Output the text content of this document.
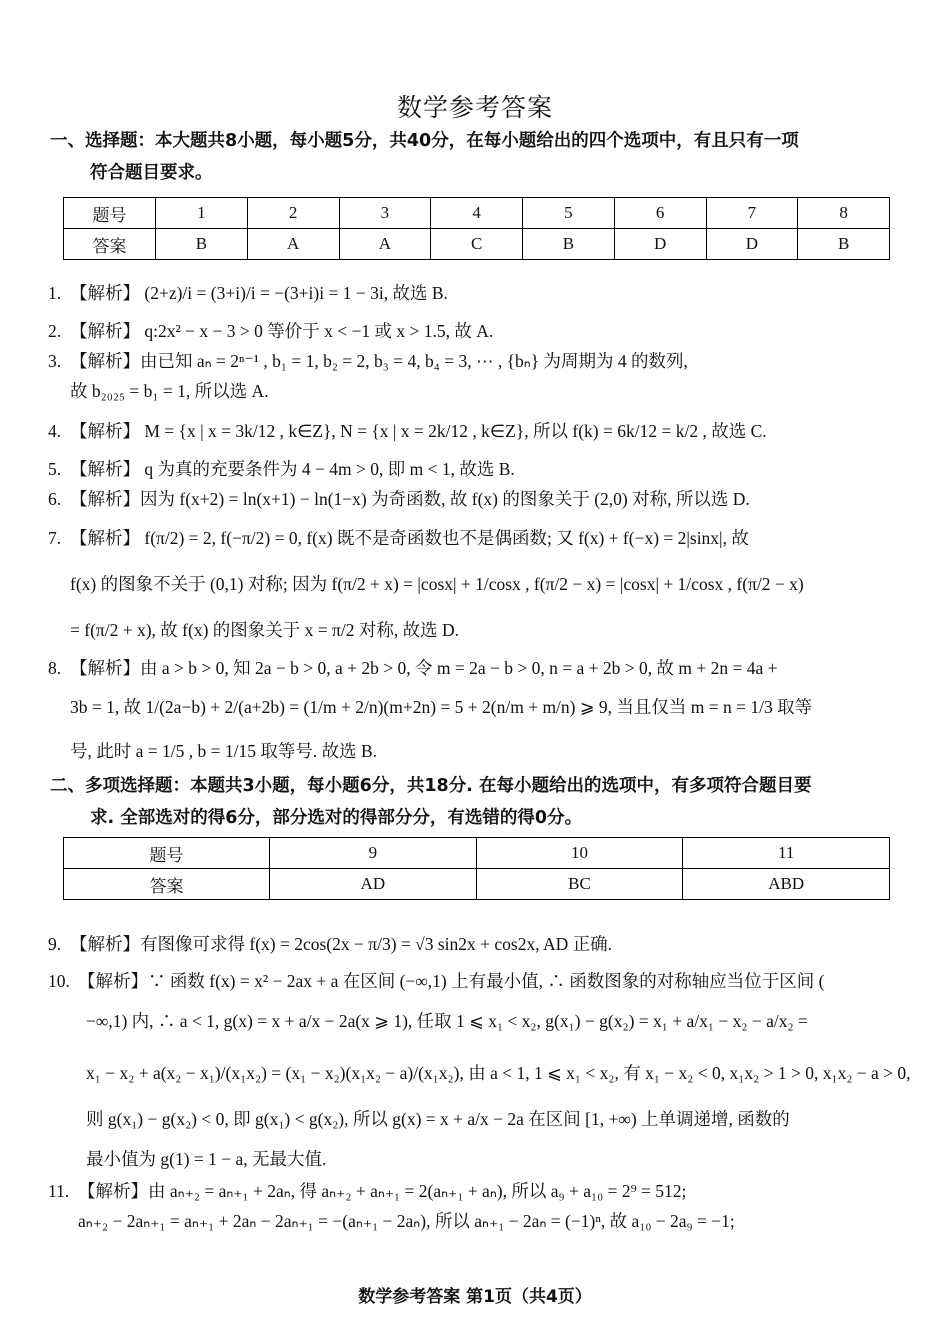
数学参考答案
一、选择题：本大题共8小题，每小题5分，共40分，在每小题给出的四个选项中，有且只有一项
符合题目要求。
题号	1	2	3	4	5	6	7	8
答案	B	A	A	C	B	D	D	B
1. 【解析】 (2+z)/i = (3+i)/i = −(3+i)i = 1 − 3i, 故选 B.
2. 【解析】 q:2x² − x − 3 > 0 等价于 x < −1 或 x > 1.5, 故 A.
3. 【解析】由已知 aₙ = 2ⁿ⁻¹ , b₁ = 1, b₂ = 2, b₃ = 4, b₄ = 3, ⋯ , {bₙ} 为周期为 4 的数列,
故 b₂₀₂₅ = b₁ = 1, 所以选 A.
4. 【解析】 M = {x | x = 3k/12 , k∈Z}, N = {x | x = 2k/12 , k∈Z}, 所以 f(k) = 6k/12 = k/2 , 故选 C.
5. 【解析】 q 为真的充要条件为 4 − 4m > 0, 即 m < 1, 故选 B.
6. 【解析】因为 f(x+2) = ln(x+1) − ln(1−x) 为奇函数, 故 f(x) 的图象关于 (2,0) 对称, 所以选 D.
7. 【解析】 f(π/2) = 2, f(−π/2) = 0, f(x) 既不是奇函数也不是偶函数; 又 f(x) + f(−x) = 2|sinx|, 故
f(x) 的图象不关于 (0,1) 对称; 因为 f(π/2 + x) = |cosx| + 1/cosx , f(π/2 − x) = |cosx| + 1/cosx , f(π/2 − x)
= f(π/2 + x), 故 f(x) 的图象关于 x = π/2 对称, 故选 D.
8. 【解析】由 a > b > 0, 知 2a − b > 0, a + 2b > 0, 令 m = 2a − b > 0, n = a + 2b > 0, 故 m + 2n = 4a +
3b = 1, 故 1/(2a−b) + 2/(a+2b) = (1/m + 2/n)(m+2n) = 5 + 2(n/m + m/n) ⩾ 9, 当且仅当 m = n = 1/3 取等
号, 此时 a = 1/5 , b = 1/15 取等号. 故选 B.
二、多项选择题：本题共3小题，每小题6分，共18分. 在每小题给出的选项中，有多项符合题目要
求. 全部选对的得6分，部分选对的得部分分，有选错的得0分。
题号	9	10	11
答案	AD	BC	ABD
9. 【解析】有图像可求得 f(x) = 2cos(2x − π/3) = √3 sin2x + cos2x, AD 正确.
10. 【解析】∵ 函数 f(x) = x² − 2ax + a 在区间 (−∞,1) 上有最小值, ∴ 函数图象的对称轴应当位于区间 (
−∞,1) 内, ∴ a < 1, g(x) = x + a/x − 2a(x ⩾ 1), 任取 1 ⩽ x₁ < x₂, g(x₁) − g(x₂) = x₁ + a/x₁ − x₂ − a/x₂ =
x₁ − x₂ + a(x₂ − x₁)/(x₁x₂) = (x₁ − x₂)(x₁x₂ − a)/(x₁x₂), 由 a < 1, 1 ⩽ x₁ < x₂, 有 x₁ − x₂ < 0, x₁x₂ > 1 > 0, x₁x₂ − a > 0,
则 g(x₁) − g(x₂) < 0, 即 g(x₁) < g(x₂), 所以 g(x) = x + a/x − 2a 在区间 [1, +∞) 上单调递增, 函数的
最小值为 g(1) = 1 − a, 无最大值.
11. 【解析】由 aₙ₊₂ = aₙ₊₁ + 2aₙ, 得 aₙ₊₂ + aₙ₊₁ = 2(aₙ₊₁ + aₙ), 所以 a₉ + a₁₀ = 2⁹ = 512;
aₙ₊₂ − 2aₙ₊₁ = aₙ₊₁ + 2aₙ − 2aₙ₊₁ = −(aₙ₊₁ − 2aₙ), 所以 aₙ₊₁ − 2aₙ = (−1)ⁿ, 故 a₁₀ − 2a₉ = −1;
数学参考答案 第1页（共4页）
